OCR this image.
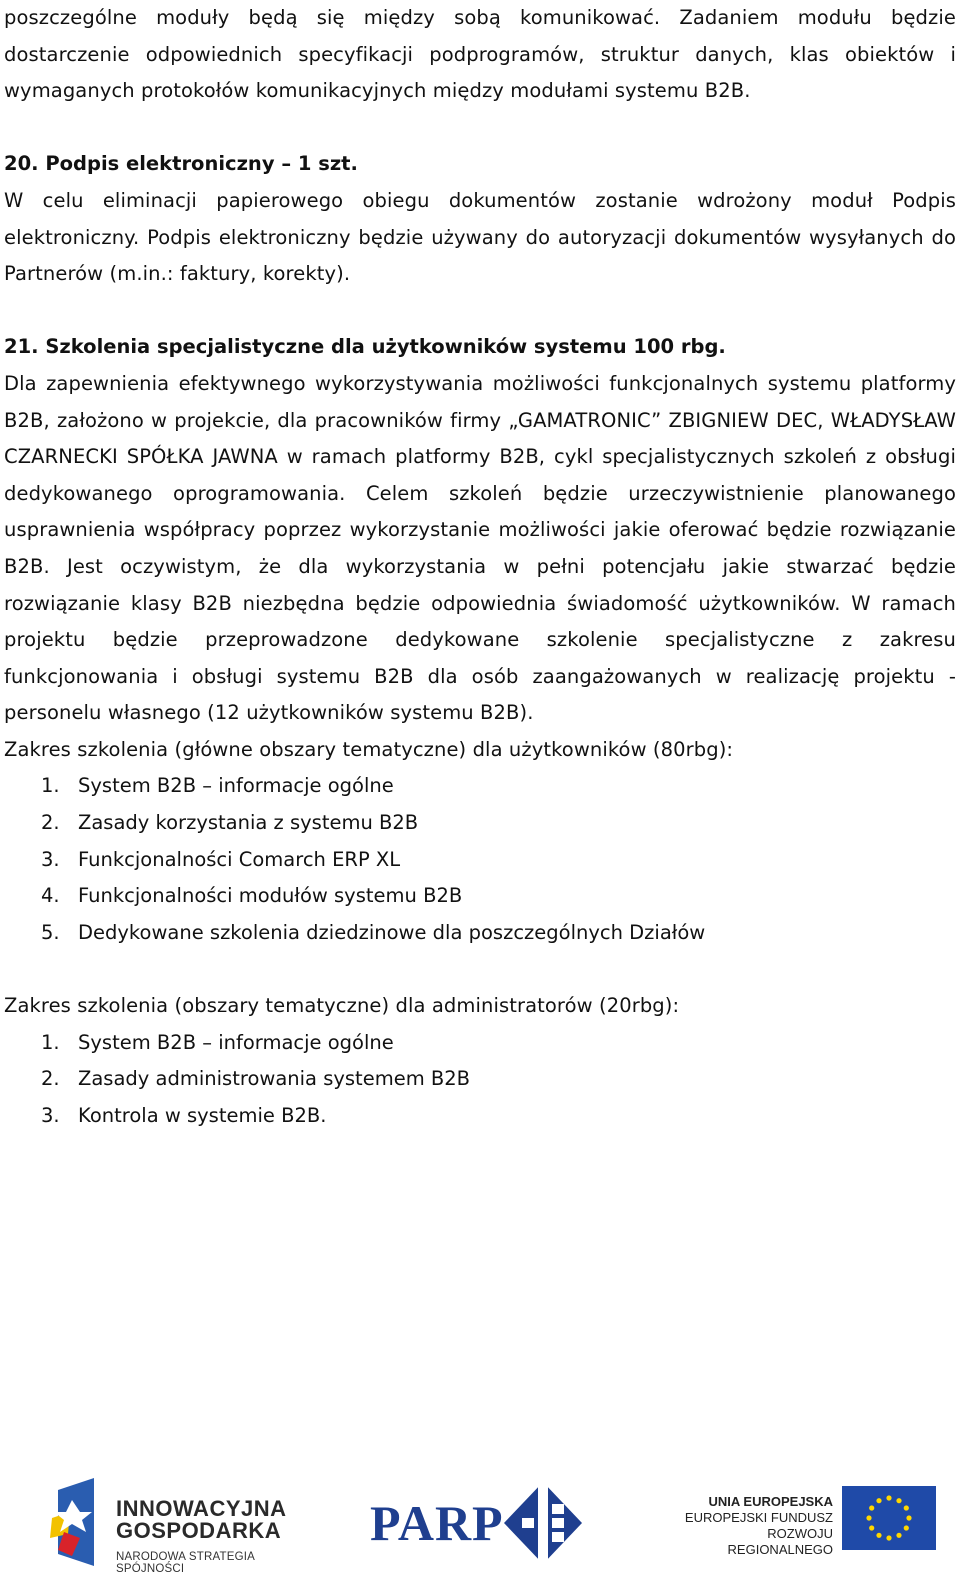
poszczególne moduły będą się między sobą komunikować. Zadaniem modułu będzie dostarczenie odpowiednich specyfikacji podprogramów, struktur danych, klas obiektów i wymaganych protokołów komunikacyjnych między modułami systemu B2B.

20. Podpis elektroniczny – 1 szt.

W celu eliminacji papierowego obiegu dokumentów zostanie wdrożony moduł Podpis elektroniczny. Podpis elektroniczny będzie używany do autoryzacji dokumentów wysyłanych do Partnerów (m.in.: faktury, korekty).

21. Szkolenia specjalistyczne dla użytkowników systemu 100 rbg.

Dla zapewnienia efektywnego wykorzystywania możliwości funkcjonalnych systemu platformy B2B, założono w projekcie, dla pracowników firmy „GAMATRONIC” ZBIGNIEW DEC, WŁADYSŁAW CZARNECKI SPÓŁKA JAWNA w ramach platformy B2B, cykl specjalistycznych szkoleń z obsługi dedykowanego oprogramowania. Celem szkoleń będzie urzeczywistnienie planowanego usprawnienia współpracy poprzez wykorzystanie możliwości jakie oferować będzie rozwiązanie B2B. Jest oczywistym, że dla wykorzystania w pełni potencjału jakie stwarzać będzie rozwiązanie klasy B2B niezbędna będzie odpowiednia świadomość użytkowników. W ramach projektu będzie przeprowadzone dedykowane szkolenie specjalistyczne z zakresu funkcjonowania i obsługi systemu B2B dla osób zaangażowanych w realizację projektu -personelu własnego (12 użytkowników systemu B2B).

Zakres szkolenia (główne obszary tematyczne) dla użytkowników (80rbg):

1. System B2B – informacje ogólne
2. Zasady korzystania z systemu B2B
3. Funkcjonalności Comarch ERP XL
4. Funkcjonalności modułów systemu B2B
5. Dedykowane szkolenia dziedzinowe dla poszczególnych Działów

Zakres szkolenia (obszary tematyczne) dla administratorów (20rbg):

1. System B2B – informacje ogólne
2. Zasady administrowania systemem B2B
3. Kontrola w systemie B2B.
INNOWACYJNA
GOSPODARKA
NARODOWA STRATEGIA SPÓJNOŚCI
PARP	UNIA EUROPEJSKA
EUROPEJSKI FUNDUSZ
ROZWOJU REGIONALNEGO
